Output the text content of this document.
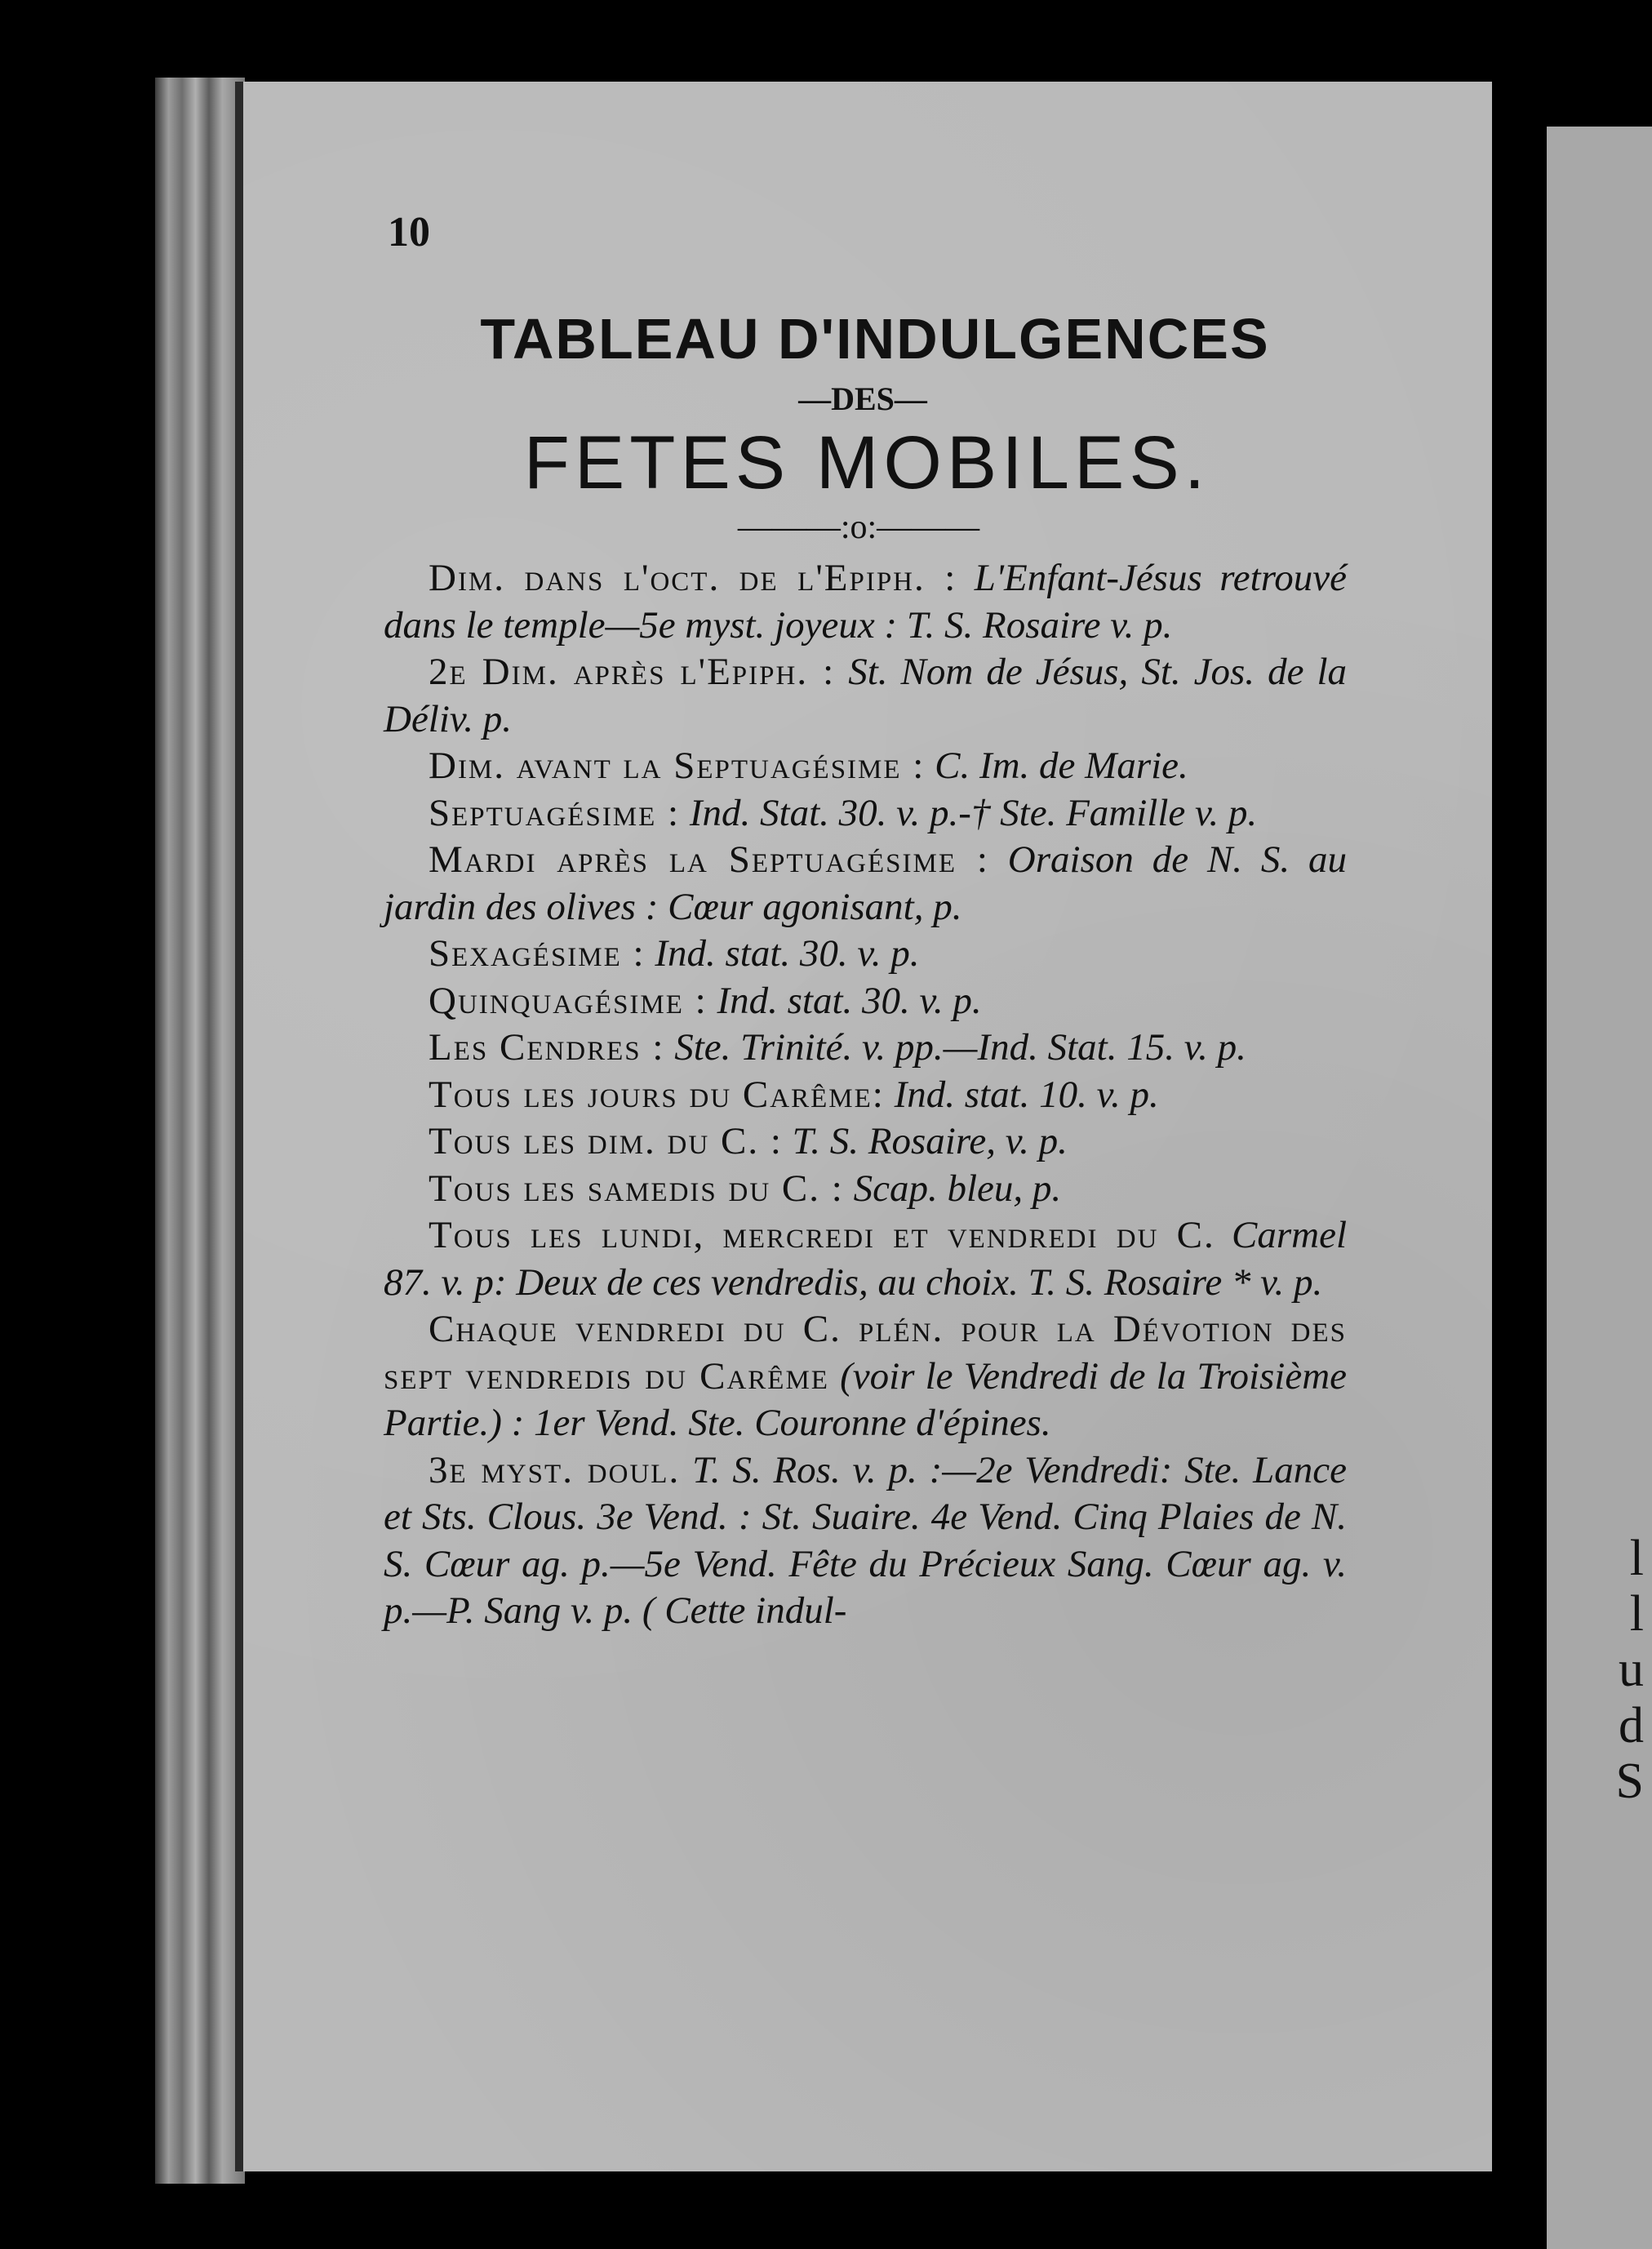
l
l
u
d
S
10
TABLEAU D'INDULGENCES
—DES—
FETES MOBILES.
———:o:———

Dim. dans l'oct. de l'Epiph. : L'Enfant-Jésus retrouvé dans le temple—5e myst. joyeux : T. S. Rosaire v. p.

2e Dim. après l'Epiph. : St. Nom de Jésus, St. Jos. de la Déliv. p.

Dim. avant la Septuagésime : C. Im. de Marie.

Septuagésime : Ind. Stat. 30. v. p.-† Ste. Famille v. p.

Mardi après la Septuagésime : Oraison de N. S. au jardin des olives : Cœur agonisant, p.

Sexagésime : Ind. stat. 30. v. p.

Quinquagésime : Ind. stat. 30. v. p.

Les Cendres : Ste. Trinité. v. pp.—Ind. Stat. 15. v. p.

Tous les jours du Carême: Ind. stat. 10. v. p.

Tous les dim. du C. : T. S. Rosaire, v. p.

Tous les samedis du C. : Scap. bleu, p.

Tous les lundi, mercredi et vendredi du C. Carmel 87. v. p: Deux de ces vendredis, au choix. T. S. Rosaire * v. p.

Chaque vendredi du C. plén. pour la Dévotion des sept vendredis du Carême (voir le Vendredi de la Troisième Partie.) : 1er Vend. Ste. Couronne d'épines.

3e myst. doul. T. S. Ros. v. p. :—2e Vendredi: Ste. Lance et Sts. Clous. 3e Vend. : St. Suaire. 4e Vend. Cinq Plaies de N. S. Cœur ag. p.—5e Vend. Fête du Précieux Sang. Cœur ag. v. p.—P. Sang v. p. ( Cette indul-
